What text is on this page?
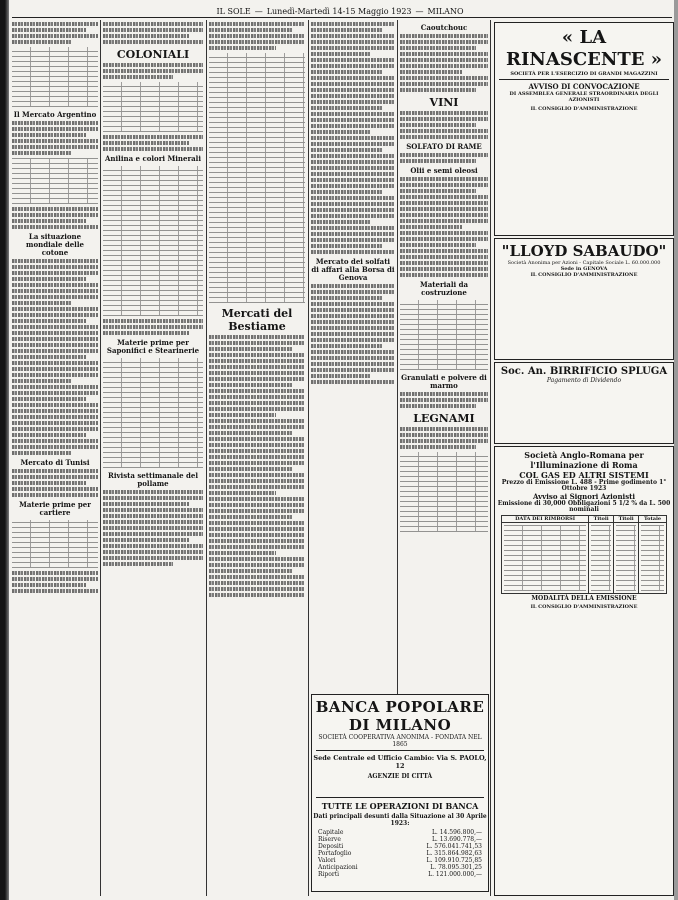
IL SOLE — Lunedì-Martedì 14-15 Maggio 1923 — MILANO
Il Mercato Argentino
La situazione mondiale delle cotone
Mercato di Tunisi
Materie prime per cartiere
COLONIALI
Anilina e colori Minerali
Materie prime per Saponifici e Stearinerie
Rivista settimanale del pollame
Mercati del Bestiame
Mercato dei solfati di affari alla Borsa di Genova
Caoutchouc
VINI
SOLFATO DI RAME
Olii e semi oleosi
Materiali da costruzione
Granulati e polvere di marmo
LEGNAMI
BANCA POPOLARE DI MILANO
SOCIETÀ COOPERATIVA ANONIMA - FONDATA NEL 1865
Sede Centrale ed Ufficio Cambio: Via S. PAOLO, 12
AGENZIE DI CITTÀ
TUTTE LE OPERAZIONI DI BANCA
Dati principali desunti dalla Situazione al 30 Aprile 1923:
Capitale	L. 14.596.800,—
Riserve	L. 13.690.778,—
Depositi	L. 576.041.741,53
Portafoglio	L. 315.864.982,63
Valori	L. 109.910.725,85
Anticipazioni	L. 78.095.301,25
Riporti	L. 121.000.000,—
« LA RINASCENTE »
SOCIETÀ PER L'ESERCIZIO DI GRANDI MAGAZZINI
AVVISO DI CONVOCAZIONE
DI ASSEMBLEA GENERALE STRAORDINARIA DEGLI AZIONISTI
IL CONSIGLIO D'AMMINISTRAZIONE
"LLOYD SABAUDO"
Società Anonima per Azioni - Capitale Sociale L. 60.000.000
Sede in GENOVA
IL CONSIGLIO D'AMMINISTRAZIONE
Soc. An. BIRRIFICIO SPLUGA
Pagamento di Dividendo
Società Anglo-Romana per l'Illuminazione di Roma
COL GAS ED ALTRI SISTEMI
Prezzo di Emissione L. 488 - Prime godimento 1° Ottobre 1923
Avviso ai Signori Azionisti
Emissione di 30,000 Obbligazioni 5 1/2 % da L. 500 nominali
DATA DEI RIMBORSI	Titoli	Titoli	Totale

MODALITÀ DELLA EMISSIONE
IL CONSIGLIO D'AMMINISTRAZIONE
